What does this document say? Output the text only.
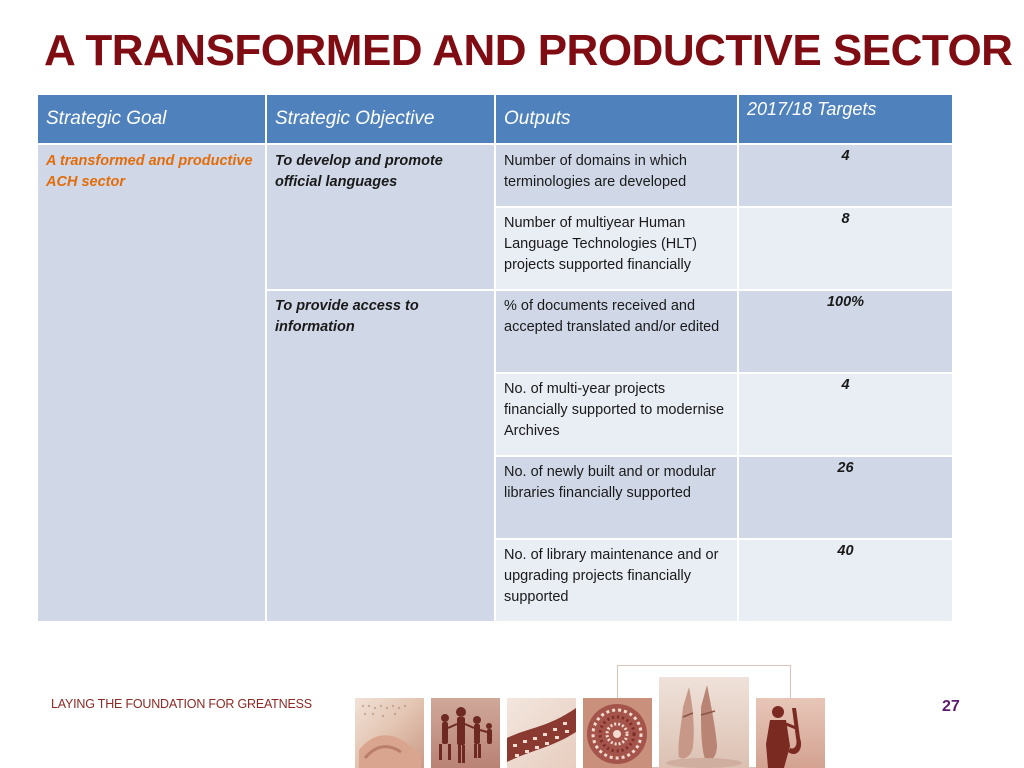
A TRANSFORMED AND PRODUCTIVE SECTOR
Strategic Goal	Strategic Objective	Outputs	2017/18 Targets
A transformed and productive ACH sector	To develop and promote official languages	Number of domains in which terminologies are developed	4
		Number of multiyear Human Language Technologies (HLT) projects supported financially	8
	To provide access to information	% of documents received and accepted translated and/or edited	100%
		No. of multi-year projects financially supported to modernise Archives	4
		No. of newly built and or modular libraries financially supported	26
		No. of library maintenance and or upgrading projects financially supported	40
LAYING THE FOUNDATION FOR GREATNESS	27
